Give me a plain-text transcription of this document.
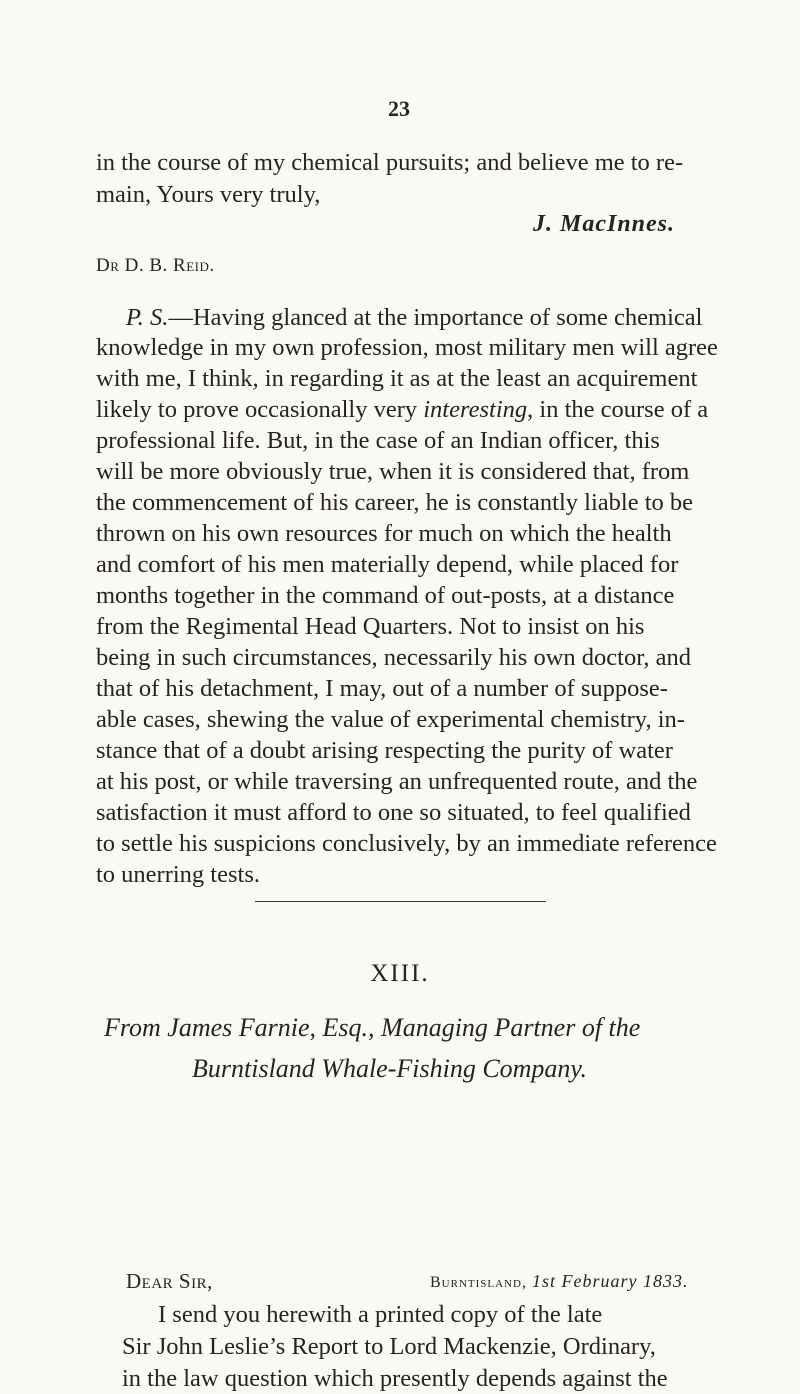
23
in the course of my chemical pursuits; and believe me to re-
main, Yours very truly,
J. MacInnes.
Dr D. B. Reid.
P. S.—Having glanced at the importance of some chemical
knowledge in my own profession, most military men will agree
with me, I think, in regarding it as at the least an acquirement
likely to prove occasionally very interesting, in the course of a
professional life. But, in the case of an Indian officer, this
will be more obviously true, when it is considered that, from
the commencement of his career, he is constantly liable to be
thrown on his own resources for much on which the health
and comfort of his men materially depend, while placed for
months together in the command of out-posts, at a distance
from the Regimental Head Quarters. Not to insist on his
being in such circumstances, necessarily his own doctor, and
that of his detachment, I may, out of a number of suppose-
able cases, shewing the value of experimental chemistry, in-
stance that of a doubt arising respecting the purity of water
at his post, or while traversing an unfrequented route, and the
satisfaction it must afford to one so situated, to feel qualified
to settle his suspicions conclusively, by an immediate reference
to unerring tests.
XIII.
From James Farnie, Esq., Managing Partner of the
Burntisland Whale-Fishing Company.
Dear Sir,	Burntisland, 1st February 1833.
I send you herewith a printed copy of the late
Sir John Leslie’s Report to Lord Mackenzie, Ordinary,
in the law question which presently depends against the
